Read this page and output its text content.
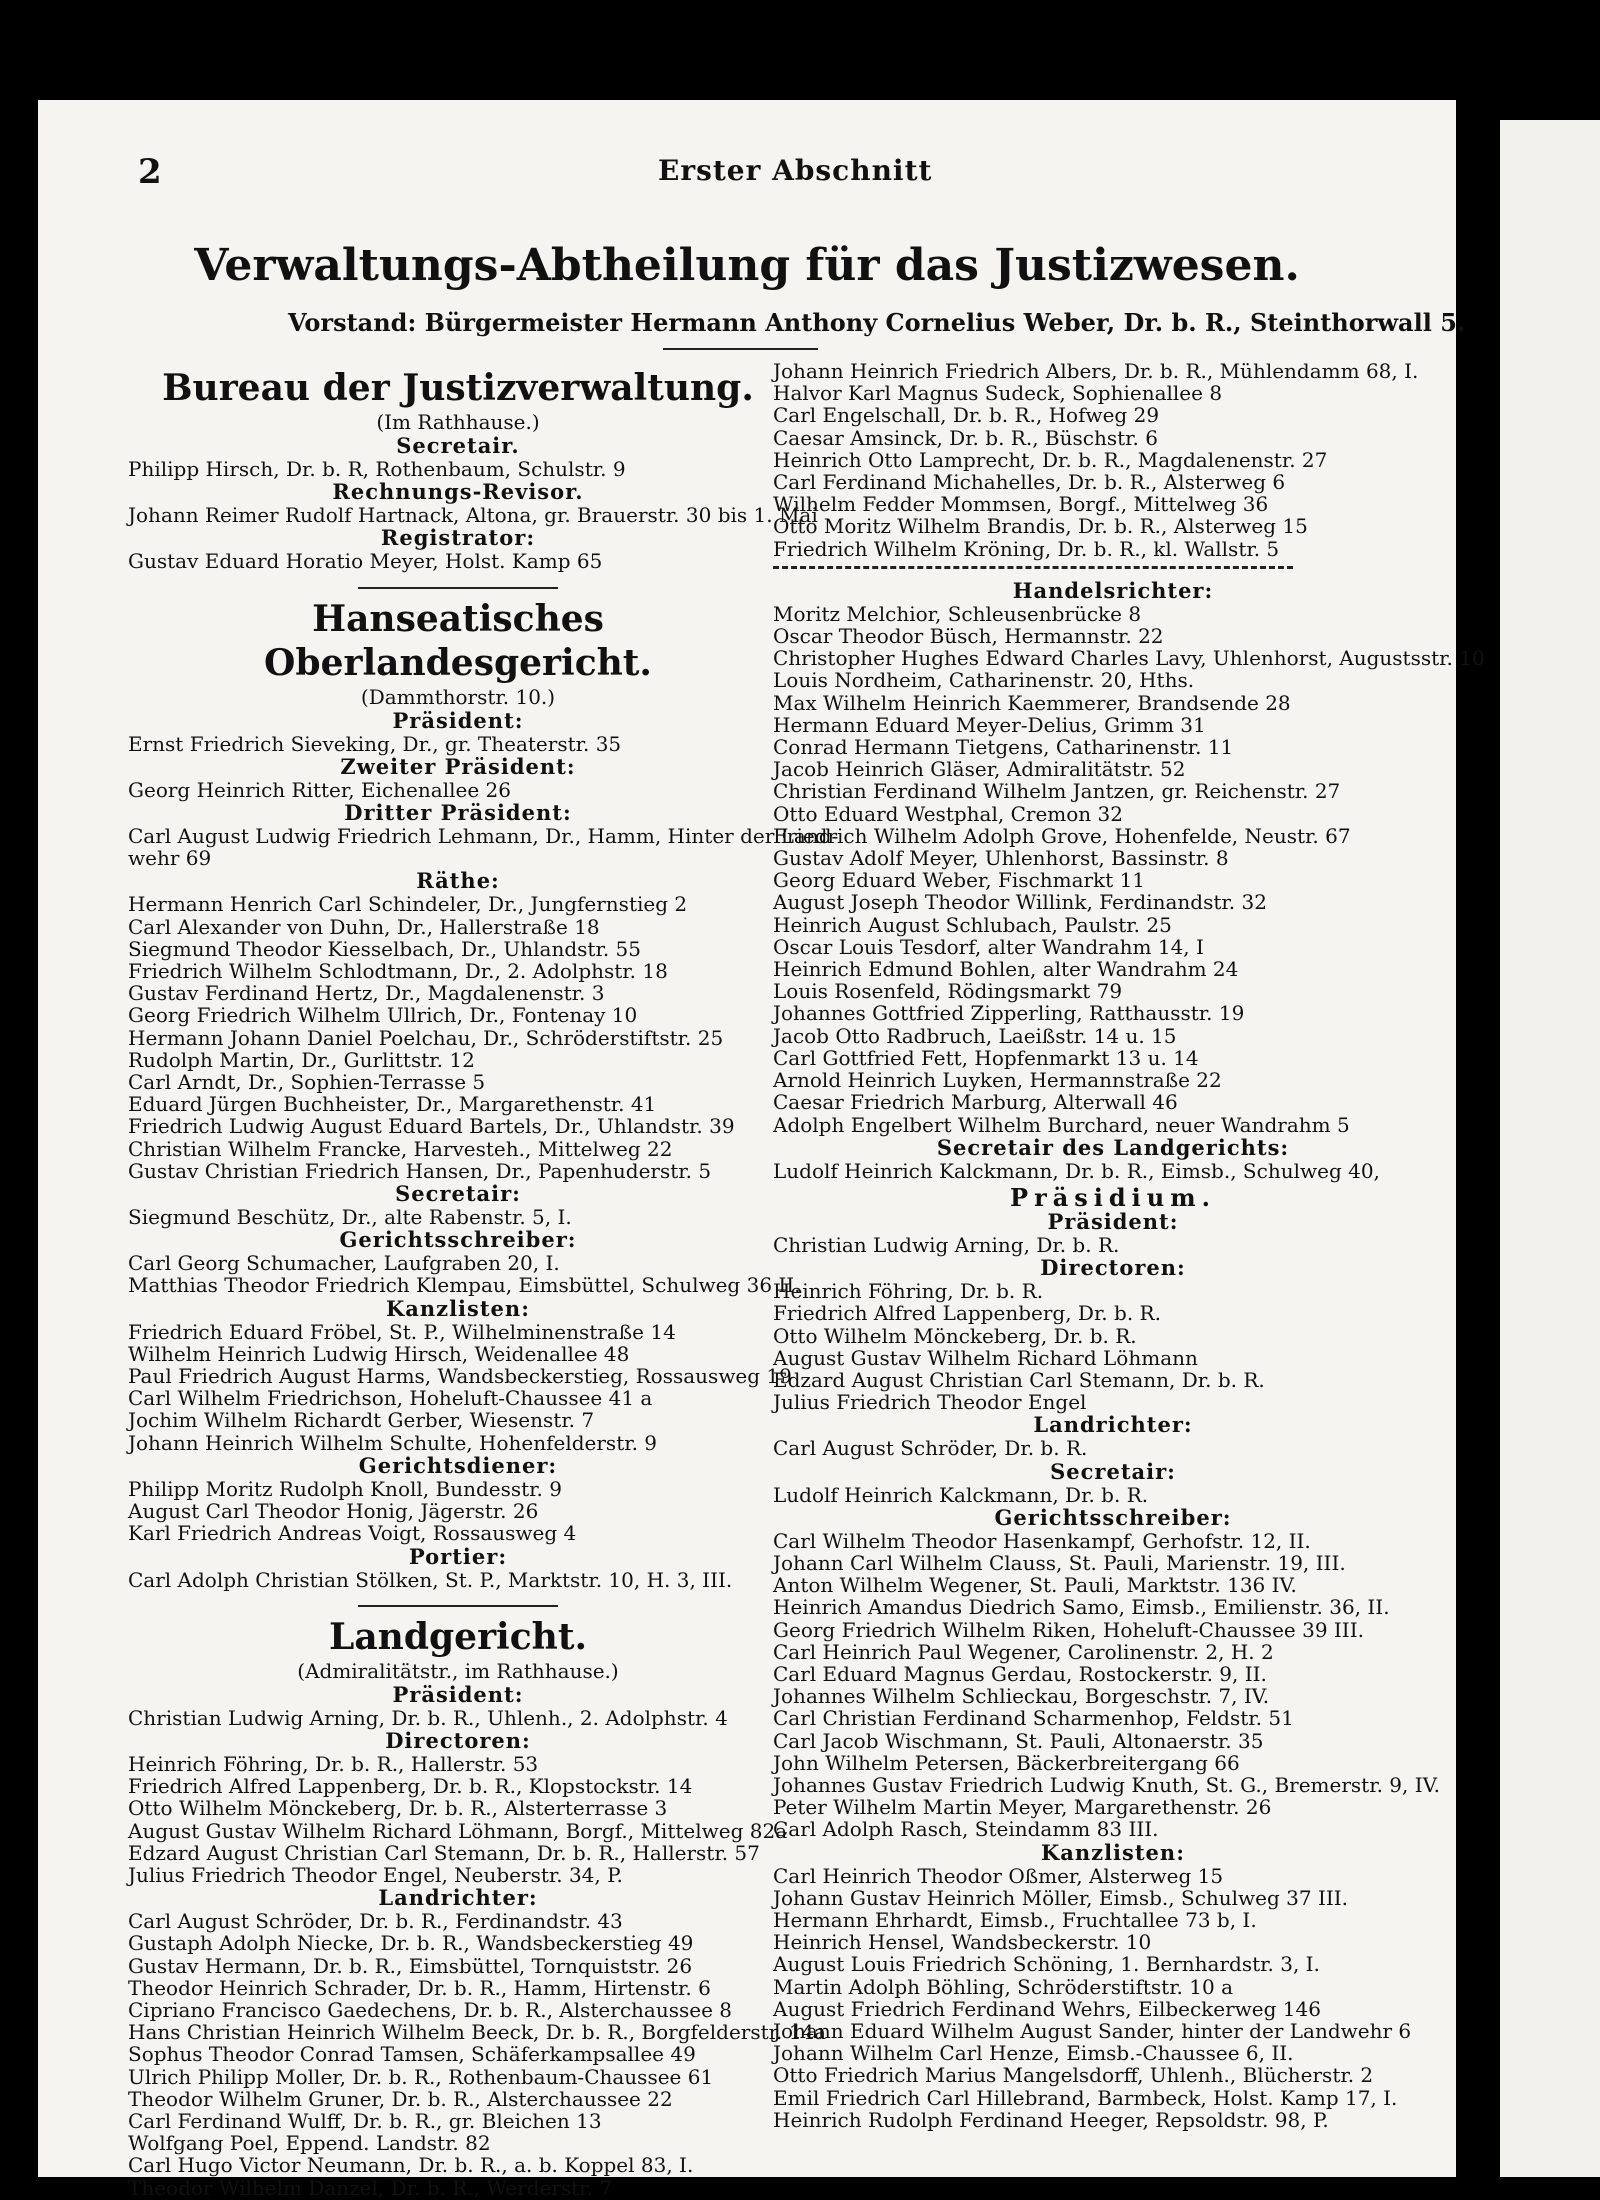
2	Erster Abschnitt
Verwaltungs-Abtheilung für das Justizwesen.
Vorstand: Bürgermeister Hermann Anthony Cornelius Weber, Dr. b. R., Steinthorwall 5.
Bureau der Justizverwaltung.
(Im Rathhause.)
Secretair.
Philipp Hirsch, Dr. b. R, Rothenbaum, Schulstr. 9
Rechnungs-Revisor.
Johann Reimer Rudolf Hartnack, Altona, gr. Brauerstr. 30 bis 1. Mai
Registrator:
Gustav Eduard Horatio Meyer, Holst. Kamp 65
Hanseatisches Oberlandesgericht.
(Dammthorstr. 10.)
Präsident:
Ernst Friedrich Sieveking, Dr., gr. Theaterstr. 35
Zweiter Präsident:
Georg Heinrich Ritter, Eichenallee 26
Dritter Präsident:
Carl August Ludwig Friedrich Lehmann, Dr., Hamm, Hinter der Land-
wehr 69
Räthe:
Hermann Henrich Carl Schindeler, Dr., Jungfernstieg 2
Carl Alexander von Duhn, Dr., Hallerstraße 18
Siegmund Theodor Kiesselbach, Dr., Uhlandstr. 55
Friedrich Wilhelm Schlodtmann, Dr., 2. Adolphstr. 18
Gustav Ferdinand Hertz, Dr., Magdalenenstr. 3
Georg Friedrich Wilhelm Ullrich, Dr., Fontenay 10
Hermann Johann Daniel Poelchau, Dr., Schröderstiftstr. 25
Rudolph Martin, Dr., Gurlittstr. 12
Carl Arndt, Dr., Sophien-Terrasse 5
Eduard Jürgen Buchheister, Dr., Margarethenstr. 41
Friedrich Ludwig August Eduard Bartels, Dr., Uhlandstr. 39
Christian Wilhelm Francke, Harvesteh., Mittelweg 22
Gustav Christian Friedrich Hansen, Dr., Papenhuderstr. 5
Secretair:
Siegmund Beschütz, Dr., alte Rabenstr. 5, I.
Gerichtsschreiber:
Carl Georg Schumacher, Laufgraben 20, I.
Matthias Theodor Friedrich Klempau, Eimsbüttel, Schulweg 36 II.
Kanzlisten:
Friedrich Eduard Fröbel, St. P., Wilhelminenstraße 14
Wilhelm Heinrich Ludwig Hirsch, Weidenallee 48
Paul Friedrich August Harms, Wandsbeckerstieg, Rossausweg 19
Carl Wilhelm Friedrichson, Hoheluft-Chaussee 41 a
Jochim Wilhelm Richardt Gerber, Wiesenstr. 7
Johann Heinrich Wilhelm Schulte, Hohenfelderstr. 9
Gerichtsdiener:
Philipp Moritz Rudolph Knoll, Bundesstr. 9
August Carl Theodor Honig, Jägerstr. 26
Karl Friedrich Andreas Voigt, Rossausweg 4
Portier:
Carl Adolph Christian Stölken, St. P., Marktstr. 10, H. 3, III.
Landgericht.
(Admiralitätstr., im Rathhause.)
Präsident:
Christian Ludwig Arning, Dr. b. R., Uhlenh., 2. Adolphstr. 4
Directoren:
Heinrich Föhring, Dr. b. R., Hallerstr. 53
Friedrich Alfred Lappenberg, Dr. b. R., Klopstockstr. 14
Otto Wilhelm Mönckeberg, Dr. b. R., Alsterterrasse 3
August Gustav Wilhelm Richard Löhmann, Borgf., Mittelweg 82a
Edzard August Christian Carl Stemann, Dr. b. R., Hallerstr. 57
Julius Friedrich Theodor Engel, Neuberstr. 34, P.
Landrichter:
Carl August Schröder, Dr. b. R., Ferdinandstr. 43
Gustaph Adolph Niecke, Dr. b. R., Wandsbeckerstieg 49
Gustav Hermann, Dr. b. R., Eimsbüttel, Tornquiststr. 26
Theodor Heinrich Schrader, Dr. b. R., Hamm, Hirtenstr. 6
Cipriano Francisco Gaedechens, Dr. b. R., Alsterchaussee 8
Hans Christian Heinrich Wilhelm Beeck, Dr. b. R., Borgfelderstr. 14a
Sophus Theodor Conrad Tamsen, Schäferkampsallee 49
Ulrich Philipp Moller, Dr. b. R., Rothenbaum-Chaussee 61
Theodor Wilhelm Gruner, Dr. b. R., Alsterchaussee 22
Carl Ferdinand Wulff, Dr. b. R., gr. Bleichen 13
Wolfgang Poel, Eppend. Landstr. 82
Carl Hugo Victor Neumann, Dr. b. R., a. b. Koppel 83, I.
Theodor Wilhelm Danzel, Dr. b. R., Werderstr. 7
Johann Heinrich Friedrich Albers, Dr. b. R., Mühlendamm 68, I.
Halvor Karl Magnus Sudeck, Sophienallee 8
Carl Engelschall, Dr. b. R., Hofweg 29
Caesar Amsinck, Dr. b. R., Büschstr. 6
Heinrich Otto Lamprecht, Dr. b. R., Magdalenenstr. 27
Carl Ferdinand Michahelles, Dr. b. R., Alsterweg 6
Wilhelm Fedder Mommsen, Borgf., Mittelweg 36
Otto Moritz Wilhelm Brandis, Dr. b. R., Alsterweg 15
Friedrich Wilhelm Kröning, Dr. b. R., kl. Wallstr. 5
Handelsrichter:
Moritz Melchior, Schleusenbrücke 8
Oscar Theodor Büsch, Hermannstr. 22
Christopher Hughes Edward Charles Lavy, Uhlenhorst, Augustsstr. 10
Louis Nordheim, Catharinenstr. 20, Hths.
Max Wilhelm Heinrich Kaemmerer, Brandsende 28
Hermann Eduard Meyer-Delius, Grimm 31
Conrad Hermann Tietgens, Catharinenstr. 11
Jacob Heinrich Gläser, Admiralitätstr. 52
Christian Ferdinand Wilhelm Jantzen, gr. Reichenstr. 27
Otto Eduard Westphal, Cremon 32
Friedrich Wilhelm Adolph Grove, Hohenfelde, Neustr. 67
Gustav Adolf Meyer, Uhlenhorst, Bassinstr. 8
Georg Eduard Weber, Fischmarkt 11
August Joseph Theodor Willink, Ferdinandstr. 32
Heinrich August Schlubach, Paulstr. 25
Oscar Louis Tesdorf, alter Wandrahm 14, I
Heinrich Edmund Bohlen, alter Wandrahm 24
Louis Rosenfeld, Rödingsmarkt 79
Johannes Gottfried Zipperling, Ratthausstr. 19
Jacob Otto Radbruch, Laeißstr. 14 u. 15
Carl Gottfried Fett, Hopfenmarkt 13 u. 14
Arnold Heinrich Luyken, Hermannstraße 22
Caesar Friedrich Marburg, Alterwall 46
Adolph Engelbert Wilhelm Burchard, neuer Wandrahm 5
Secretair des Landgerichts:
Ludolf Heinrich Kalckmann, Dr. b. R., Eimsb., Schulweg 40,
Präsidium.
Präsident:
Christian Ludwig Arning, Dr. b. R.
Directoren:
Heinrich Föhring, Dr. b. R.
Friedrich Alfred Lappenberg, Dr. b. R.
Otto Wilhelm Mönckeberg, Dr. b. R.
August Gustav Wilhelm Richard Löhmann
Edzard August Christian Carl Stemann, Dr. b. R.
Julius Friedrich Theodor Engel
Landrichter:
Carl August Schröder, Dr. b. R.
Secretair:
Ludolf Heinrich Kalckmann, Dr. b. R.
Gerichtsschreiber:
Carl Wilhelm Theodor Hasenkampf, Gerhofstr. 12, II.
Johann Carl Wilhelm Clauss, St. Pauli, Marienstr. 19, III.
Anton Wilhelm Wegener, St. Pauli, Marktstr. 136 IV.
Heinrich Amandus Diedrich Samo, Eimsb., Emilienstr. 36, II.
Georg Friedrich Wilhelm Riken, Hoheluft-Chaussee 39 III.
Carl Heinrich Paul Wegener, Carolinenstr. 2, H. 2
Carl Eduard Magnus Gerdau, Rostockerstr. 9, II.
Johannes Wilhelm Schlieckau, Borgeschstr. 7, IV.
Carl Christian Ferdinand Scharmenhop, Feldstr. 51
Carl Jacob Wischmann, St. Pauli, Altonaerstr. 35
John Wilhelm Petersen, Bäckerbreitergang 66
Johannes Gustav Friedrich Ludwig Knuth, St. G., Bremerstr. 9, IV.
Peter Wilhelm Martin Meyer, Margarethenstr. 26
Carl Adolph Rasch, Steindamm 83 III.
Kanzlisten:
Carl Heinrich Theodor Oßmer, Alsterweg 15
Johann Gustav Heinrich Möller, Eimsb., Schulweg 37 III.
Hermann Ehrhardt, Eimsb., Fruchtallee 73 b, I.
Heinrich Hensel, Wandsbeckerstr. 10
August Louis Friedrich Schöning, 1. Bernhardstr. 3, I.
Martin Adolph Böhling, Schröderstiftstr. 10 a
August Friedrich Ferdinand Wehrs, Eilbeckerweg 146
Johann Eduard Wilhelm August Sander, hinter der Landwehr 6
Johann Wilhelm Carl Henze, Eimsb.-Chaussee 6, II.
Otto Friedrich Marius Mangelsdorff, Uhlenh., Blücherstr. 2
Emil Friedrich Carl Hillebrand, Barmbeck, Holst. Kamp 17, I.
Heinrich Rudolph Ferdinand Heeger, Repsoldstr. 98, P.
